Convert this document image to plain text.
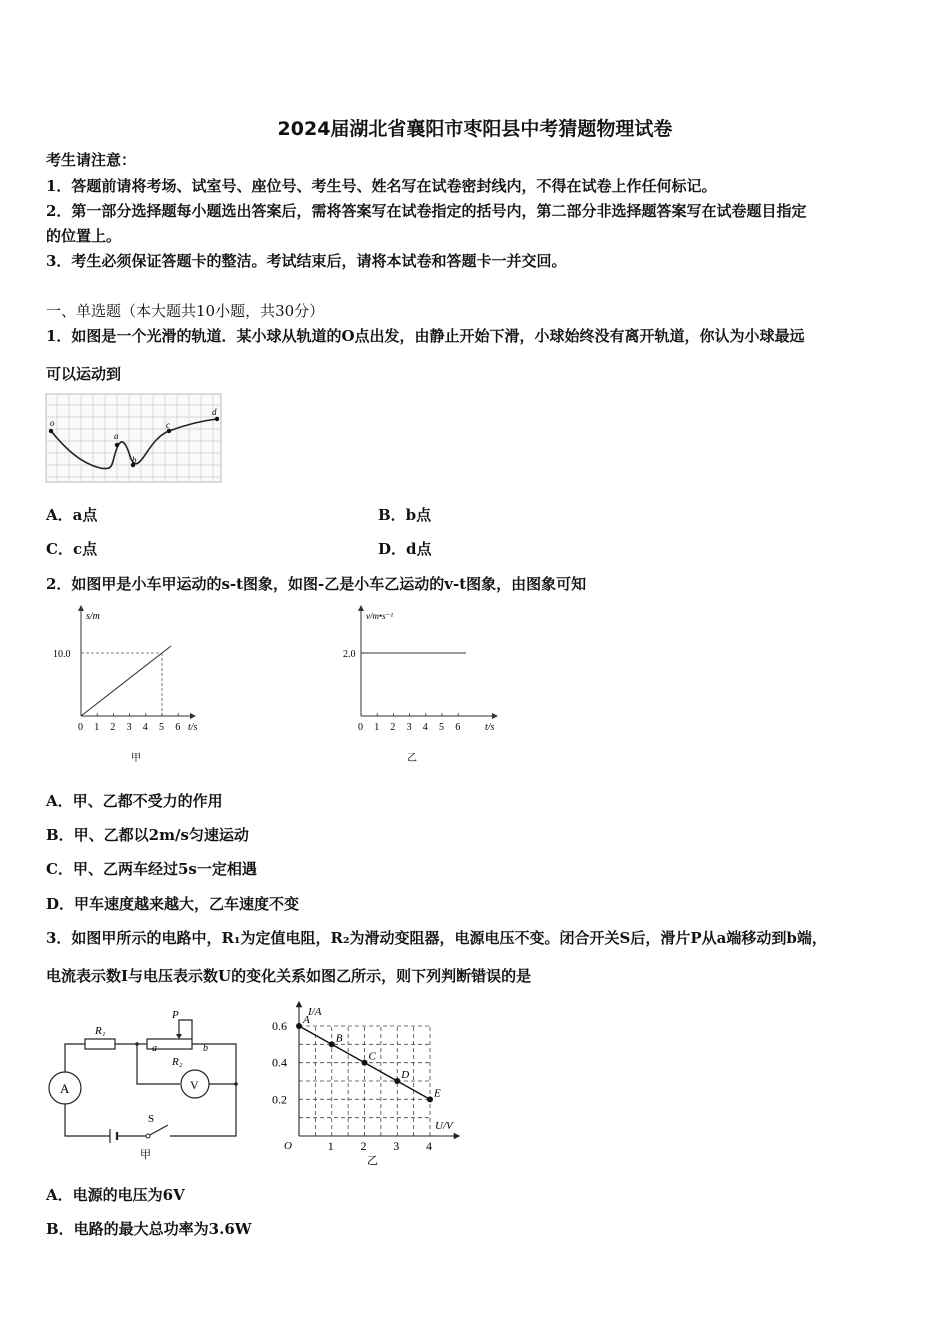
2024届湖北省襄阳市枣阳县中考猜题物理试卷
考生请注意：
1．答题前请将考场、试室号、座位号、考生号、姓名写在试卷密封线内，不得在试卷上作任何标记。
2．第一部分选择题每小题选出答案后，需将答案写在试卷指定的括号内，第二部分非选择题答案写在试卷题目指定
的位置上。
3．考生必须保证答题卡的整洁。考试结束后，请将本试卷和答题卡一并交回。
一、单选题（本大题共10小题，共30分）
1．如图是一个光滑的轨道．某小球从轨道的O点出发，由静止开始下滑，小球始终没有离开轨道，你认为小球最远
可以运动到
o
a
b
c
d
A．a点	B．b点
C．c点	D．d点
2．如图甲是小车甲运动的s-t图象，如图-乙是小车乙运动的v-t图象，由图象可知
s/m
10.0
0 1 2 3 4 5 6 t/s
甲
v/m•s⁻¹
2.0
0 1 2 3 4 5 6 t/s
乙
A．甲、乙都不受力的作用
B．甲、乙都以2m/s匀速运动
C．甲、乙两车经过5s一定相遇
D．甲车速度越来越大，乙车速度不变
3．如图甲所示的电路中，R₁为定值电阻，R₂为滑动变阻器，电源电压不变。闭合开关S后，滑片P从a端移动到b端，
电流表示数I与电压表示数U的变化关系如图乙所示，则下列判断错误的是
R₁
R₂
P
a	b
A	V
S
甲
I/A
U/V
O
乙
1 2 3 4
0.2
0.4
0.6 A
B
C
D
E
A．电源的电压为6V
B．电路的最大总功率为3.6W
